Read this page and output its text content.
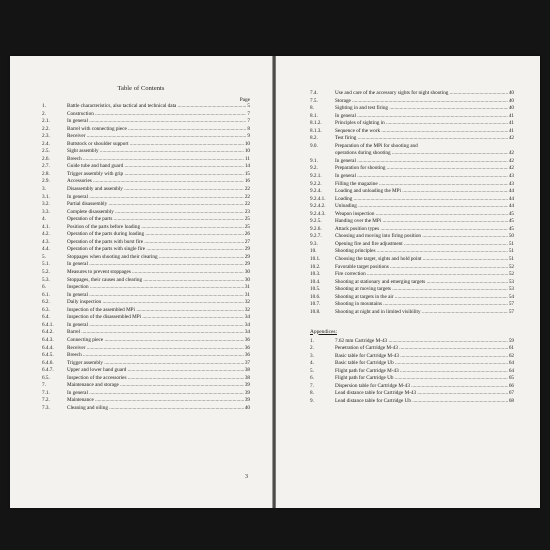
Table of Contents
Page
1.	Battle characteristics, also tactical and technical data .....	5
2.	Construction .....	7
2.1.	In general .....	7
2.2.	Barrel with connecting piece .....	8
2.3.	Receiver .....	9
2.4.	Buttstock or shoulder support .....	10
2.5.	Sight assembly .....	10
2.6.	Breech .....	11
2.7.	Guide tube and hand guard .....	14
2.8.	Trigger assembly with grip .....	15
2.9.	Accessories .....	16
3.	Disassembly and assembly .....	22
3.1.	In general .....	22
3.2.	Partial disassembly .....	22
3.3.	Complete disassembly .....	23
4.	Operation of the parts .....	25
4.1.	Position of the parts before loading .....	25
4.2.	Operation of the parts during loading .....	26
4.3.	Operation of the parts with burst fire .....	27
4.4.	Operation of the parts with single fire .....	29
5.	Stoppages when shooting and their clearing .....	29
5.1.	In general .....	29
5.2.	Measures to prevent stoppages .....	30
5.3.	Stoppages, their causes and clearing .....	30
6.	Inspection .....	31
6.1.	In general .....	31
6.2.	Daily inspection .....	32
6.3.	Inspection of the assembled MPi .....	32
6.4.	Inspection of the disassembled MPi .....	34
6.4.1.	In general .....	34
6.4.2.	Barrel .....	34
6.4.3.	Connecting piece .....	36
6.4.4.	Receiver .....	36
6.4.5.	Breech .....	36
6.4.6.	Trigger assembly .....	37
6.4.7.	Upper and lower hand guard .....	38
6.5.	Inspection of the accessories .....	38
7.	Maintenance and storage .....	39
7.1.	In general .....	39
7.2.	Maintenance .....	39
7.3.	Cleaning and oiling .....	40
3
7.4.	Use and care of the accessory sights for night shooting .....	40
7.5.	Storage .....	40
8.	Sighting in and test firing .....	40
8.1.	In general .....	41
8.1.2.	Principles of sighting in .....	41
8.1.3.	Sequence of the work .....	41
8.2.	Test firing .....	42
9.0.	Preparation of the MPi for shooting and
operations during shooting .....	42
9.1.	In general .....	42
9.2.	Preparation for shooting .....	42
9.2.1.	In general .....	43
9.2.2.	Filling the magazine .....	43
9.2.4.	Loading and unloading the MPi .....	44
9.2.4.1.	Loading .....	44
9.2.4.2.	Unloading .....	44
9.2.4.3.	Weapon inspection .....	45
9.2.5.	Handing over the MPi .....	45
9.2.6.	Attack position types .....	45
9.2.7.	Choosing and moving into firing position .....	50
9.3.	Opening fire and fire adjustment .....	51
10.	Shooting principles .....	51
10.1.	Choosing the target, sights and hold point .....	51
10.2.	Favorable target positions .....	52
10.3.	Fire correction .....	52
10.4.	Shooting at stationary and emerging targets .....	53
10.5.	Shooting at moving targets .....	53
10.6.	Shooting at targets in the air .....	54
10.7.	Shooting in mountains .....	57
10.8.	Shooting at night and in limited visibility .....	57
Appendices:
1.	7.62 mm Cartridge M-43 .....	59
2.	Penetration of Cartridge M-43 .....	61
3.	Basic table for Cartridge M-43 .....	62
4.	Basic table for Cartridge Üb .....	64
5.	Flight path for Cartridge M-43 .....	64
6.	Flight path for Cartridge Üb .....	65
7.	Dispersion table for Cartridge M-43 .....	66
8.	Lead distance table for Cartridge M-43 .....	67
9.	Lead distance table for Cartridge Üb .....	68
